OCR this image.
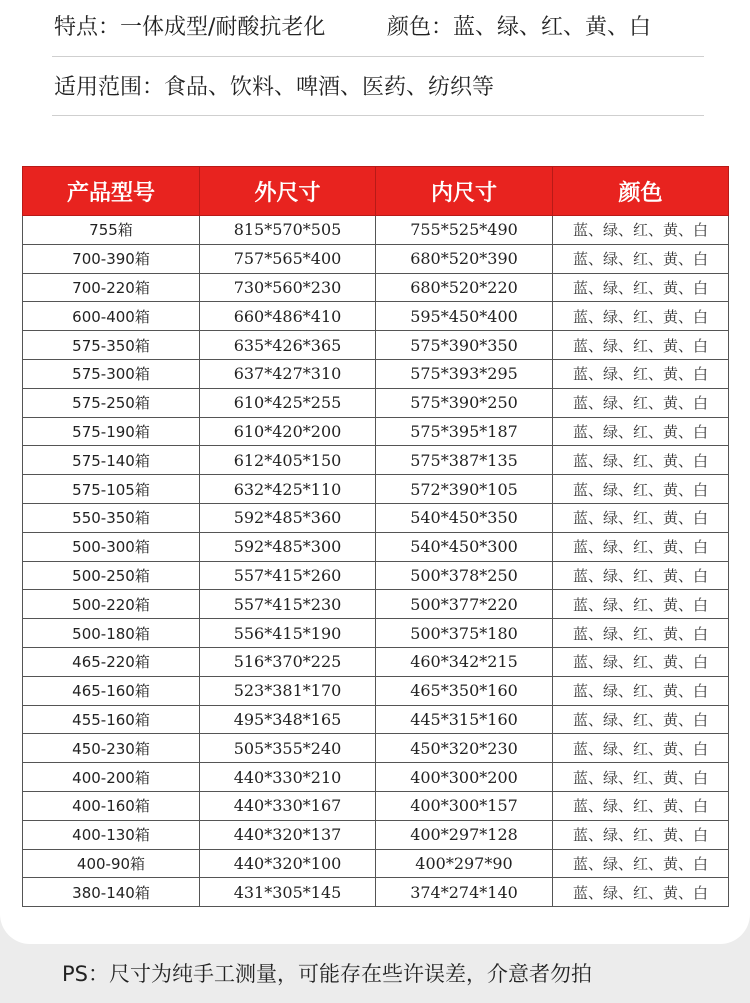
特点：一体成型/耐酸抗老化	颜色：蓝、绿、红、黄、白
适用范围：食品、饮料、啤酒、医药、纺织等
产品型号	外尺寸	内尺寸	颜色
755箱	815*570*505	755*525*490	蓝、绿、红、黄、白
700-390箱	757*565*400	680*520*390	蓝、绿、红、黄、白
700-220箱	730*560*230	680*520*220	蓝、绿、红、黄、白
600-400箱	660*486*410	595*450*400	蓝、绿、红、黄、白
575-350箱	635*426*365	575*390*350	蓝、绿、红、黄、白
575-300箱	637*427*310	575*393*295	蓝、绿、红、黄、白
575-250箱	610*425*255	575*390*250	蓝、绿、红、黄、白
575-190箱	610*420*200	575*395*187	蓝、绿、红、黄、白
575-140箱	612*405*150	575*387*135	蓝、绿、红、黄、白
575-105箱	632*425*110	572*390*105	蓝、绿、红、黄、白
550-350箱	592*485*360	540*450*350	蓝、绿、红、黄、白
500-300箱	592*485*300	540*450*300	蓝、绿、红、黄、白
500-250箱	557*415*260	500*378*250	蓝、绿、红、黄、白
500-220箱	557*415*230	500*377*220	蓝、绿、红、黄、白
500-180箱	556*415*190	500*375*180	蓝、绿、红、黄、白
465-220箱	516*370*225	460*342*215	蓝、绿、红、黄、白
465-160箱	523*381*170	465*350*160	蓝、绿、红、黄、白
455-160箱	495*348*165	445*315*160	蓝、绿、红、黄、白
450-230箱	505*355*240	450*320*230	蓝、绿、红、黄、白
400-200箱	440*330*210	400*300*200	蓝、绿、红、黄、白
400-160箱	440*330*167	400*300*157	蓝、绿、红、黄、白
400-130箱	440*320*137	400*297*128	蓝、绿、红、黄、白
400-90箱	440*320*100	400*297*90	蓝、绿、红、黄、白
380-140箱	431*305*145	374*274*140	蓝、绿、红、黄、白
PS：尺寸为纯手工测量，可能存在些许误差，介意者勿拍
